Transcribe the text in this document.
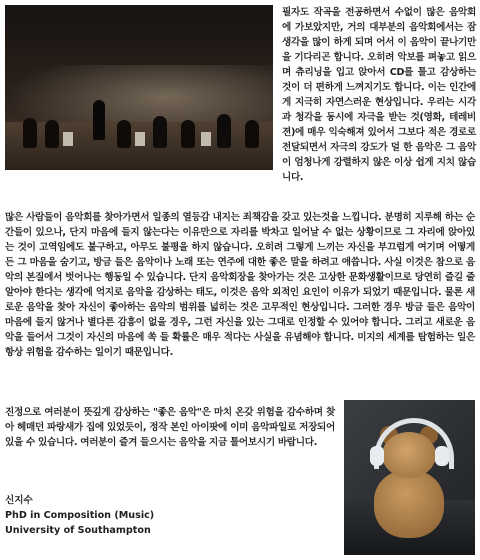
필자도 작곡을 전공하면서 수없이 많은 음악회에 가보았지만, 거의 대부분의 음악회에서는 잠생각을 많이 하게 되며 어서 이 음악이 끝나기만을 기다리곤 합니다. 오히려 악보를 펴놓고 읽으며 츄리닝을 입고 앉아서 CD를 틀고 감상하는 것이 더 편하게 느껴지기도 합니다. 이는 인간에게 지극히 자연스러운 현상입니다. 우리는 시각과 청각을 동시에 자극을 받는 것(영화, 테레비젼)에 매우 익숙해져 있어서 그보다 적은 경로로 전달되면서 자극의 강도가 덜 한 음악은 그 음악이 엄청나게 강렬하지 않은 이상 쉽게 지치 않습니다.

많은 사람들이 음악회를 찾아가면서 일종의 열등감 내지는 죄책감을 갖고 있는것을 느낍니다. 분명히 지루해 하는 순간들이 있으나, 단지 마음에 들지 않는다는 이유만으로 자리를 박차고 일어날 수 없는 상황이므로 그 자리에 앉아있는 것이 고역임에도 불구하고, 아무도 불평을 하지 않습니다. 오히려 그렇게 느끼는 자신을 부끄럽게 여기며 어떻게든 그 마음을 숨기고, 방금 들은 음악이나 노래 또는 연주에 대한 좋은 말을 하려고 애씁니다. 사실 이것은 참으로 음악의 본질에서 벗어나는 행동일 수 있습니다. 단지 음악회장을 찾아가는 것은 고상한 문화생활이므로 당연히 즐길 줄 알아야 한다는 생각에 억지로 음악을 감상하는 태도, 이것은 음악 외적인 요인이 이유가 되었기 때문입니다. 물론 새로운 음악을 찾아 자신이 좋아하는 음악의 범위를 넓히는 것은 고무적인 현상입니다. 그러한 경우 방금 들은 음악이 마음에 들지 않거나 별다른 감흥이 없을 경우, 그런 자신을 있는 그대로 인정할 수 있어야 합니다. 그리고 새로운 음악을 들어서 그것이 자신의 마음에 쏙 들 확률은 매우 적다는 사실을 유념해야 합니다. 미지의 세계를 탐험하는 일은 항상 위험을 감수하는 일이기 때문입니다.

진정으로 여러분이 뜻깊게 감상하는 "좋은 음악"은 마치 온갖 위험을 감수하며 찾아 헤매던 파랑새가 집에 있었듯이, 정작 본인 아이팟에 이미 음악파일로 저장되어 있을 수 있습니다. 여러분이 즐겨 들으시는 음악을 지금 틀어보시기 바랍니다.

신지수
PhD in Composition (Music)
University of Southampton
